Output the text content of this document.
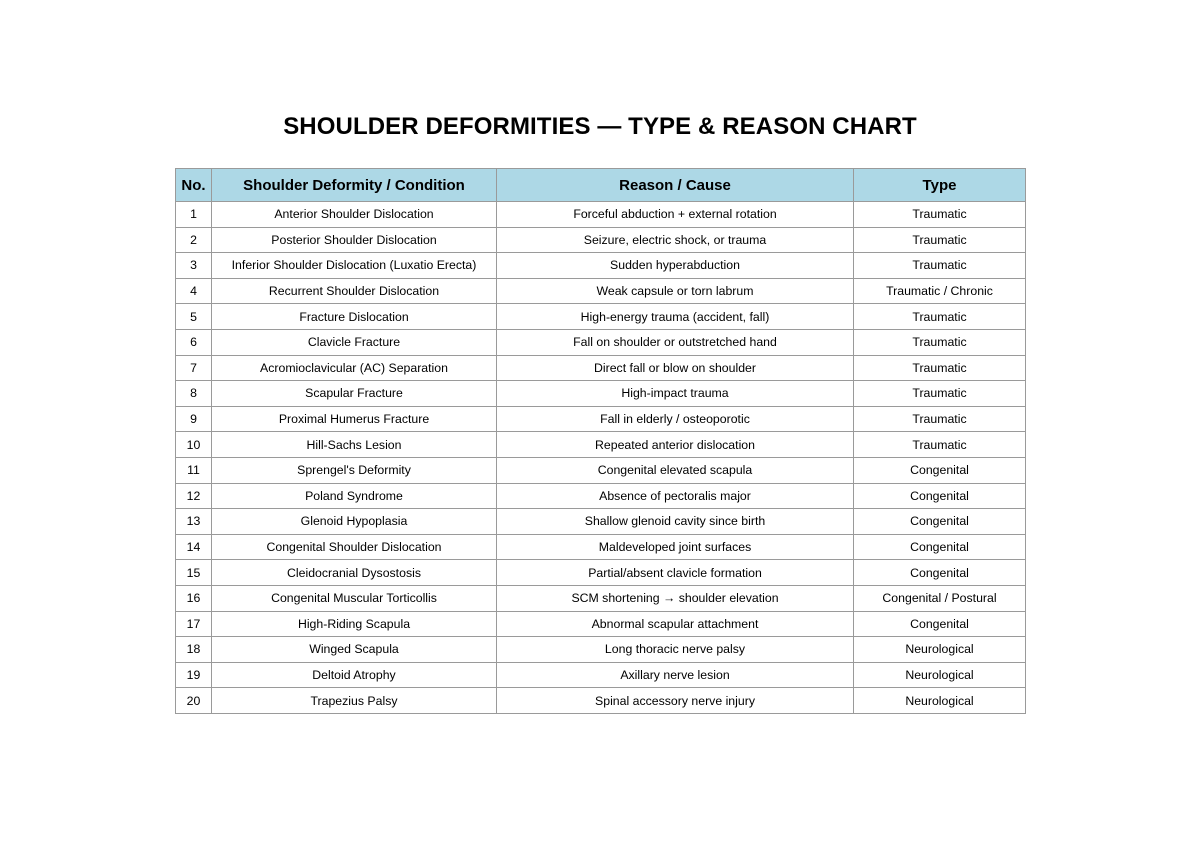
SHOULDER DEFORMITIES — TYPE & REASON CHART
No.	Shoulder Deformity / Condition	Reason / Cause	Type
1	Anterior Shoulder Dislocation	Forceful abduction + external rotation	Traumatic
2	Posterior Shoulder Dislocation	Seizure, electric shock, or trauma	Traumatic
3	Inferior Shoulder Dislocation (Luxatio Erecta)	Sudden hyperabduction	Traumatic
4	Recurrent Shoulder Dislocation	Weak capsule or torn labrum	Traumatic / Chronic
5	Fracture Dislocation	High-energy trauma (accident, fall)	Traumatic
6	Clavicle Fracture	Fall on shoulder or outstretched hand	Traumatic
7	Acromioclavicular (AC) Separation	Direct fall or blow on shoulder	Traumatic
8	Scapular Fracture	High-impact trauma	Traumatic
9	Proximal Humerus Fracture	Fall in elderly / osteoporotic	Traumatic
10	Hill-Sachs Lesion	Repeated anterior dislocation	Traumatic
11	Sprengel's Deformity	Congenital elevated scapula	Congenital
12	Poland Syndrome	Absence of pectoralis major	Congenital
13	Glenoid Hypoplasia	Shallow glenoid cavity since birth	Congenital
14	Congenital Shoulder Dislocation	Maldeveloped joint surfaces	Congenital
15	Cleidocranial Dysostosis	Partial/absent clavicle formation	Congenital
16	Congenital Muscular Torticollis	SCM shortening → shoulder elevation	Congenital / Postural
17	High-Riding Scapula	Abnormal scapular attachment	Congenital
18	Winged Scapula	Long thoracic nerve palsy	Neurological
19	Deltoid Atrophy	Axillary nerve lesion	Neurological
20	Trapezius Palsy	Spinal accessory nerve injury	Neurological
